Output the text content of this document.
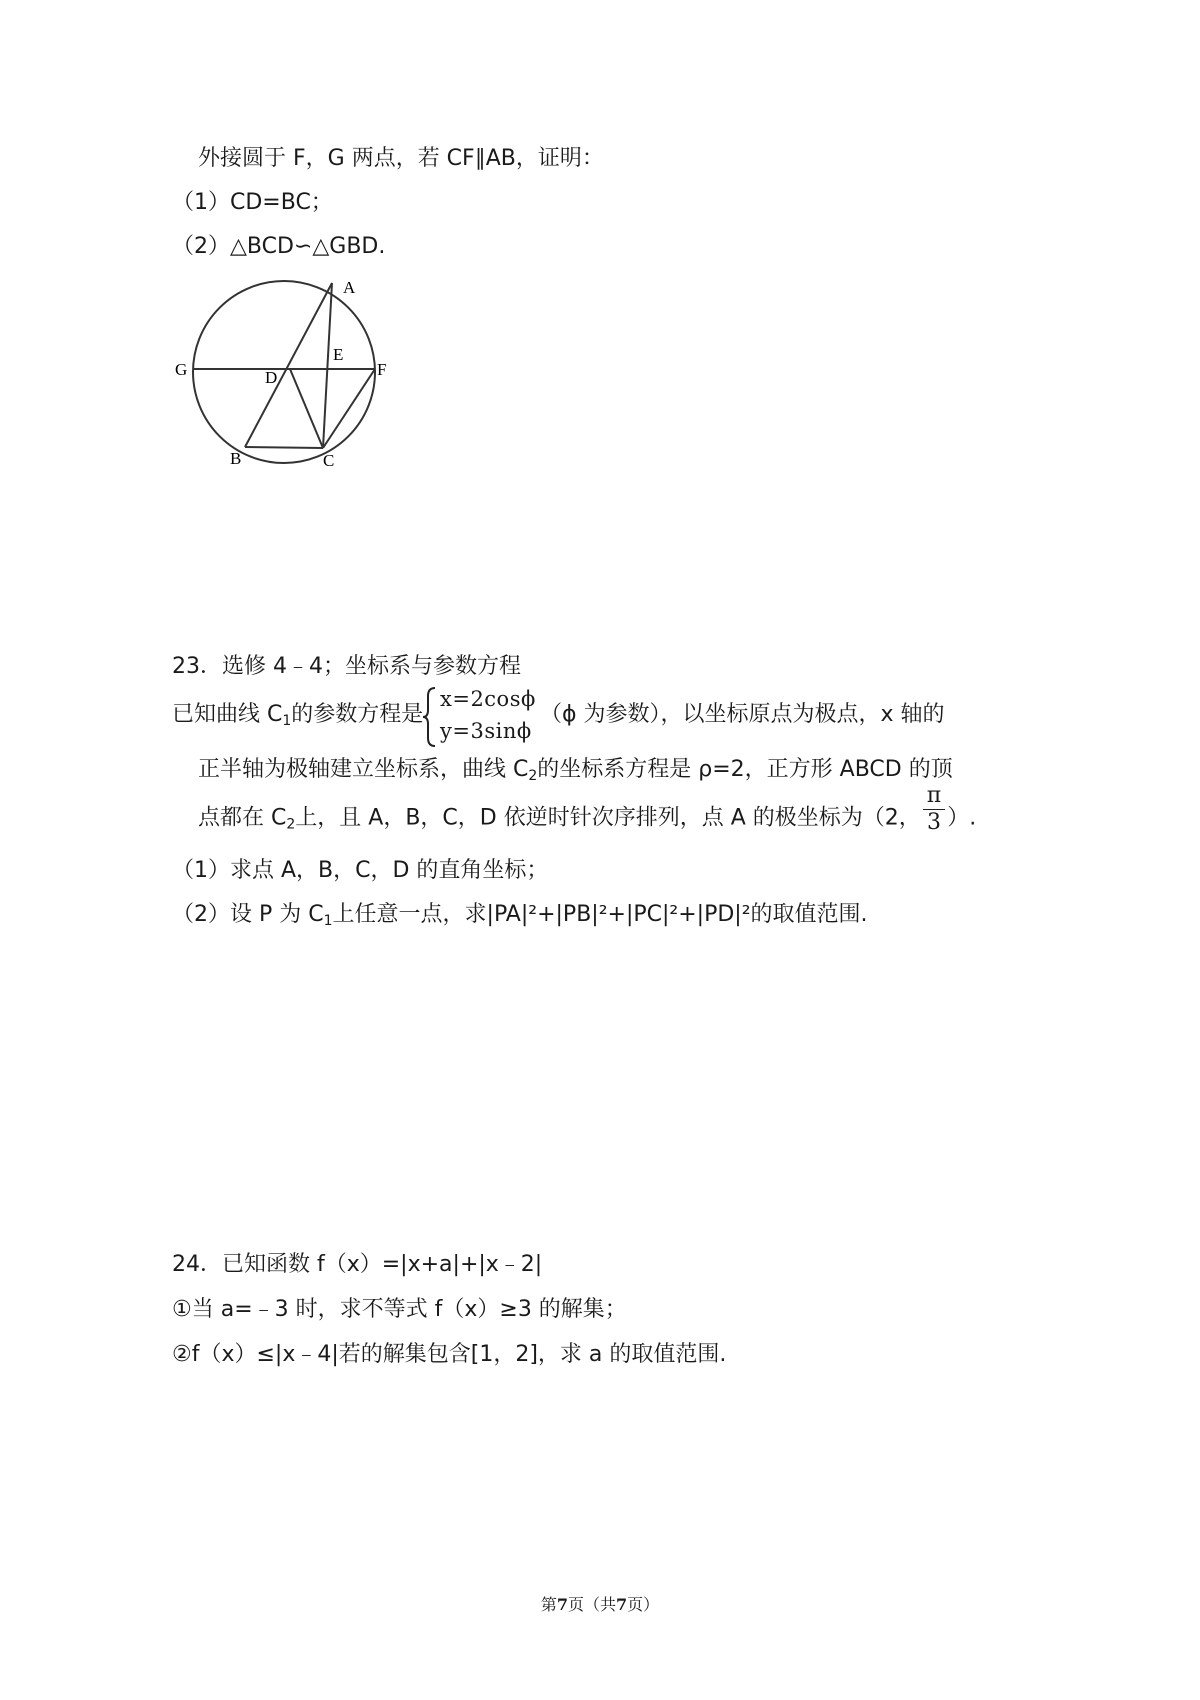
外接圆于 F，G 两点，若 CF∥AB，证明：
（1）CD=BC；
（2）△BCD∽△GBD.
A
E
G	D	F
B	C
23．选修 4﹣4；坐标系与参数方程
已知曲线 $C_1$的参数方程是
x=2cosϕ
y=3sinϕ
（ϕ 为参数），以坐标原点为极点，x 轴的
正半轴为极轴建立坐标系，曲线 $C_2$的坐标系方程是 ρ=2，正方形 ABCD 的顶
点都在 $C_2$上，且 A，B，C，D 依逆时针次序排列，点 A 的极坐标为（2， $\frac{\pi}{3}$ ）.
（1）求点 A，B，C，D 的直角坐标；
（2）设 P 为 $C_1$上任意一点，求|PA|²+|PB|²+|PC|²+|PD|²的取值范围.
24．已知函数 f（x）=|x+a|+|x﹣2|
①当 a=﹣3 时，求不等式 f（x）≥3 的解集；
②f（x）≤|x﹣4|若的解集包含[1，2]，求 a 的取值范围.
第7页（共7页）
